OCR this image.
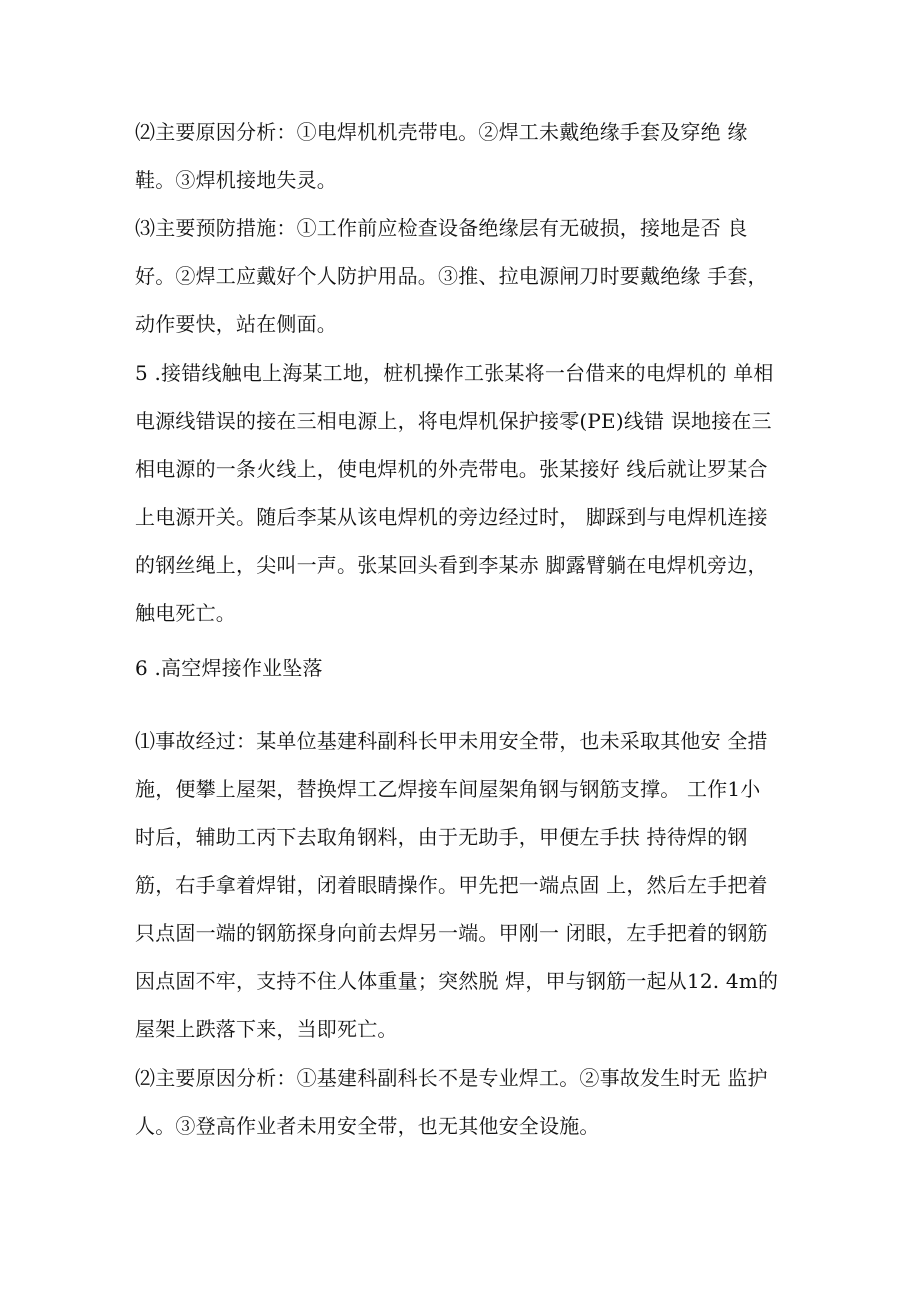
⑵主要原因分析：①电焊机机壳带电。②焊工未戴绝缘手套及穿绝 缘
鞋。③焊机接地失灵。
⑶主要预防措施：①工作前应检查设备绝缘层有无破损，接地是否 良
好。②焊工应戴好个人防护用品。③推、拉电源闸刀时要戴绝缘 手套，
动作要快，站在侧面。
5 .接错线触电上海某工地，桩机操作工张某将一台借来的电焊机的 单相
电源线错误的接在三相电源上，将电焊机保护接零(PE)线错 误地接在三
相电源的一条火线上，使电焊机的外壳带电。张某接好 线后就让罗某合
上电源开关。随后李某从该电焊机的旁边经过时， 脚踩到与电焊机连接
的钢丝绳上，尖叫一声。张某回头看到李某赤 脚露臂躺在电焊机旁边，
触电死亡。
6 .高空焊接作业坠落
⑴事故经过：某单位基建科副科长甲未用安全带，也未采取其他安 全措
施，便攀上屋架，替换焊工乙焊接车间屋架角钢与钢筋支撑。 工作1小
时后，辅助工丙下去取角钢料，由于无助手，甲便左手扶 持待焊的钢
筋，右手拿着焊钳，闭着眼睛操作。甲先把一端点固 上，然后左手把着
只点固一端的钢筋探身向前去焊另一端。甲刚一 闭眼，左手把着的钢筋
因点固不牢，支持不住人体重量；突然脱 焊，甲与钢筋一起从12. 4m的
屋架上跌落下来，当即死亡。
⑵主要原因分析：①基建科副科长不是专业焊工。②事故发生时无 监护
人。③登高作业者未用安全带，也无其他安全设施。
